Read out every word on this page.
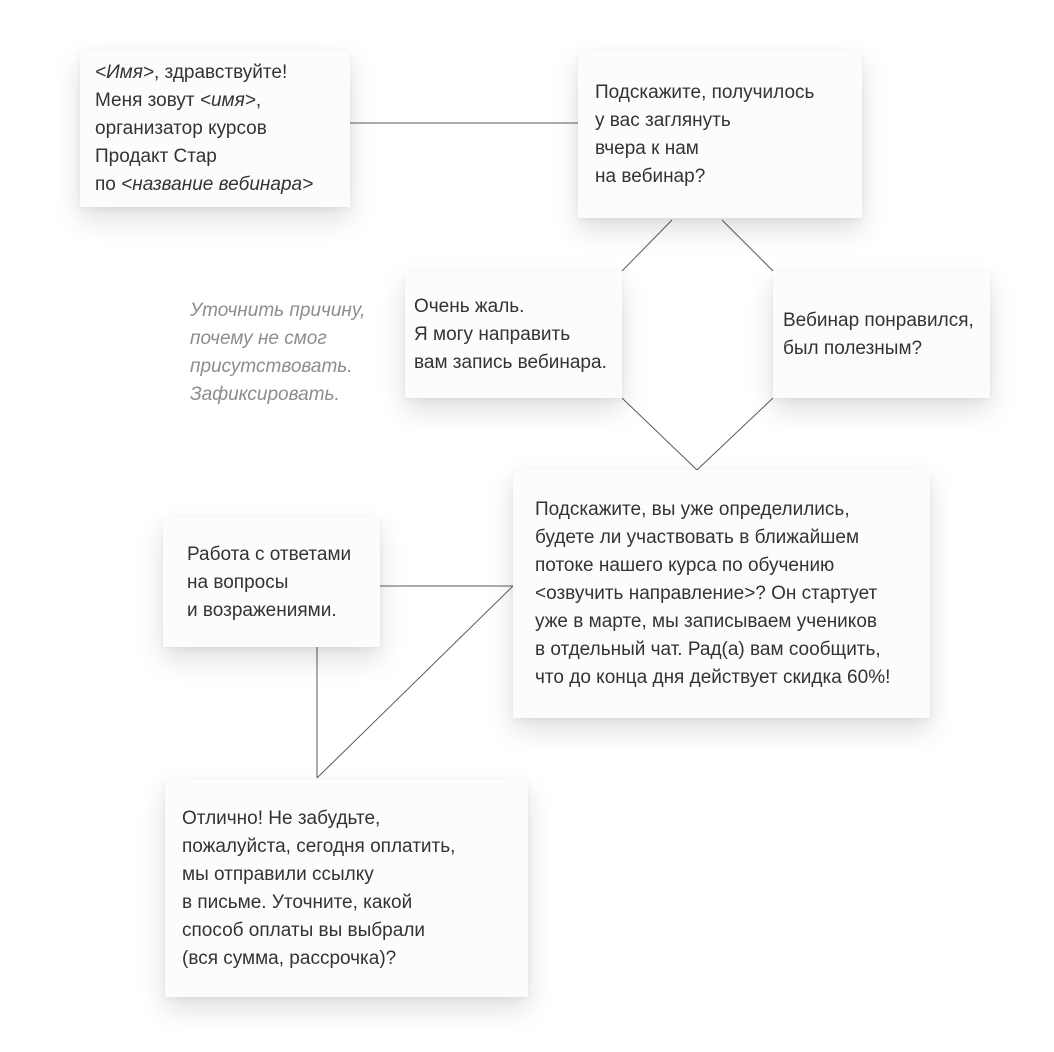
<Имя>, здравствуйте!
Меня зовут <имя>,
организатор курсов
Продакт Стар
по <название вебинара>
Подскажите, получилось
у вас заглянуть
вчера к нам
на вебинар?
Уточнить причину,
почему не смог
присутствовать.
Зафиксировать.
Очень жаль.
Я могу направить
вам запись вебинара.
Вебинар понравился,
был полезным?
Подскажите, вы уже определились,
будете ли участвовать в ближайшем
потоке нашего курса по обучению
<озвучить направление>? Он стартует
уже в марте, мы записываем учеников
в отдельный чат. Рад(а) вам сообщить,
что до конца дня действует скидка 60%!
Работа с ответами
на вопросы
и возражениями.
Отлично! Не забудьте,
пожалуйста, сегодня оплатить,
мы отправили ссылку
в письме. Уточните, какой
способ оплаты вы выбрали
(вся сумма, рассрочка)?
